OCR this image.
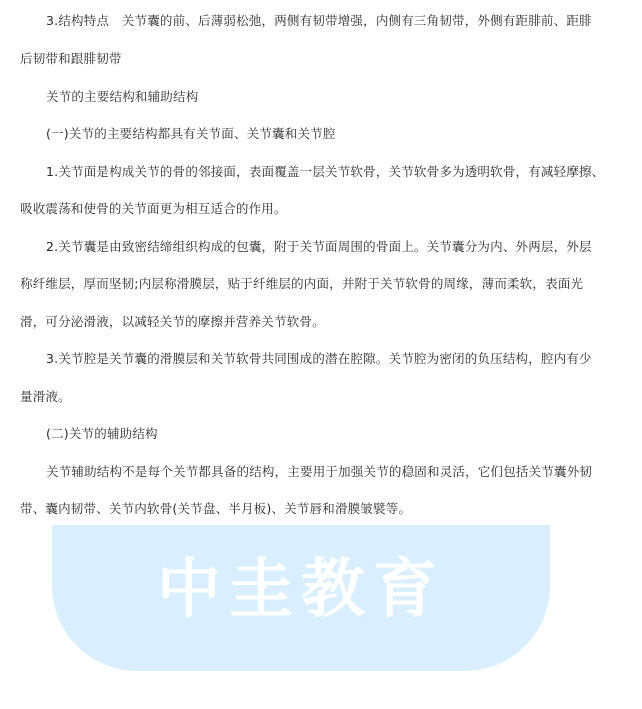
3.结构特点　关节囊的前、后薄弱松弛，两侧有韧带增强，内侧有三角韧带，外侧有距腓前、距腓
后韧带和跟腓韧带
关节的主要结构和辅助结构
(一)关节的主要结构都具有关节面、关节囊和关节腔
1.关节面是构成关节的骨的邻接面，表面覆盖一层关节软骨，关节软骨多为透明软骨，有减轻摩擦、
吸收震荡和使骨的关节面更为相互适合的作用。
2.关节囊是由致密结缔组织构成的包囊，附于关节面周围的骨面上。关节囊分为内、外两层，外层
称纤维层，厚而坚韧;内层称滑膜层，贴于纤维层的内面，并附于关节软骨的周缘，薄而柔软，表面光
滑，可分泌滑液，以减轻关节的摩擦并营养关节软骨。
3.关节腔是关节囊的滑膜层和关节软骨共同围成的潜在腔隙。关节腔为密闭的负压结构，腔内有少
量滑液。
(二)关节的辅助结构
关节辅助结构不是每个关节都具备的结构，主要用于加强关节的稳固和灵活，它们包括关节囊外韧
带、囊内韧带、关节内软骨(关节盘、半月板)、关节唇和滑膜皱襞等。
中圭教育
